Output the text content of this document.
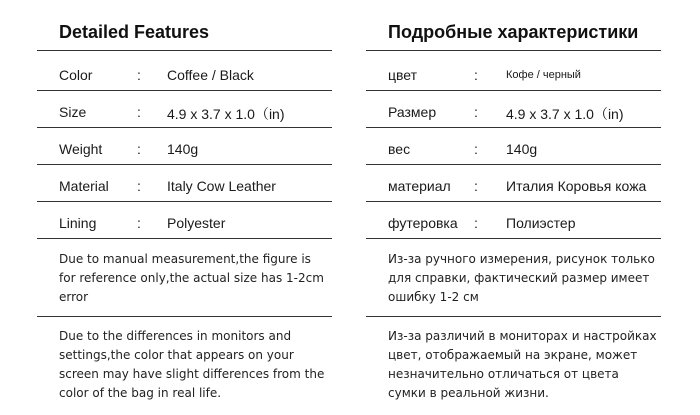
Detailed Features
Color	: Coffee / Black
Size	: 4.9 x 3.7 x 1.0（in)
Weight : 140g
Material : Italy Cow Leather
Lining	: Polyester
Due to manual measurement,the figure is for reference only,the actual size has 1-2cm error
Due to the differences in monitors and settings,the color that appears on your screen may have slight differences from the color of the bag in real life.
Подробные характеристики
цвет	:	Кофе / черный
Размер	: 4.9 x 3.7 x 1.0（in)
вес	: 140g
материал : Италия Коровья кожа
футеровка : Полиэстер
Из-за ручного измерения, рисунок только для справки, фактический размер имеет ошибку 1-2 см
Из-за различий в мониторах и настройках цвет, отображаемый на экране, может незначительно отличаться от цвета сумки в реальной жизни.
